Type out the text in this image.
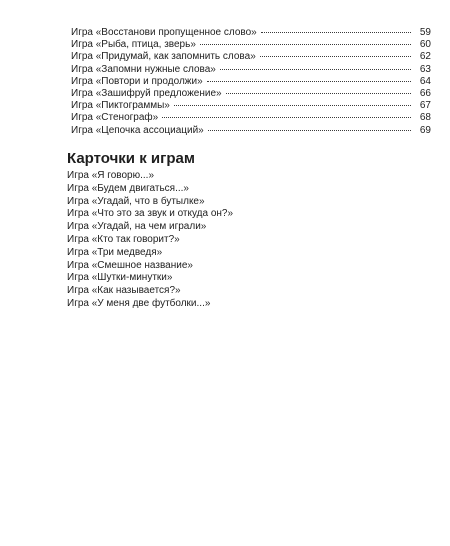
Игра «Восстанови пропущенное слово»	59
Игра «Рыба, птица, зверь»	60
Игра «Придумай, как запомнить слова»	62
Игра «Запомни нужные слова»	63
Игра «Повтори и продолжи»	64
Игра «Зашифруй предложение»	66
Игра «Пиктограммы»	67
Игра «Стенограф»	68
Игра «Цепочка ассоциаций»	69
Карточки к играм
Игра «Я говорю...»
Игра «Будем двигаться...»
Игра «Угадай, что в бутылке»
Игра «Что это за звук и откуда он?»
Игра «Угадай, на чем играли»
Игра «Кто так говорит?»
Игра «Три медведя»
Игра «Смешное название»
Игра «Шутки-минутки»
Игра «Как называется?»
Игра «У меня две футболки...»
